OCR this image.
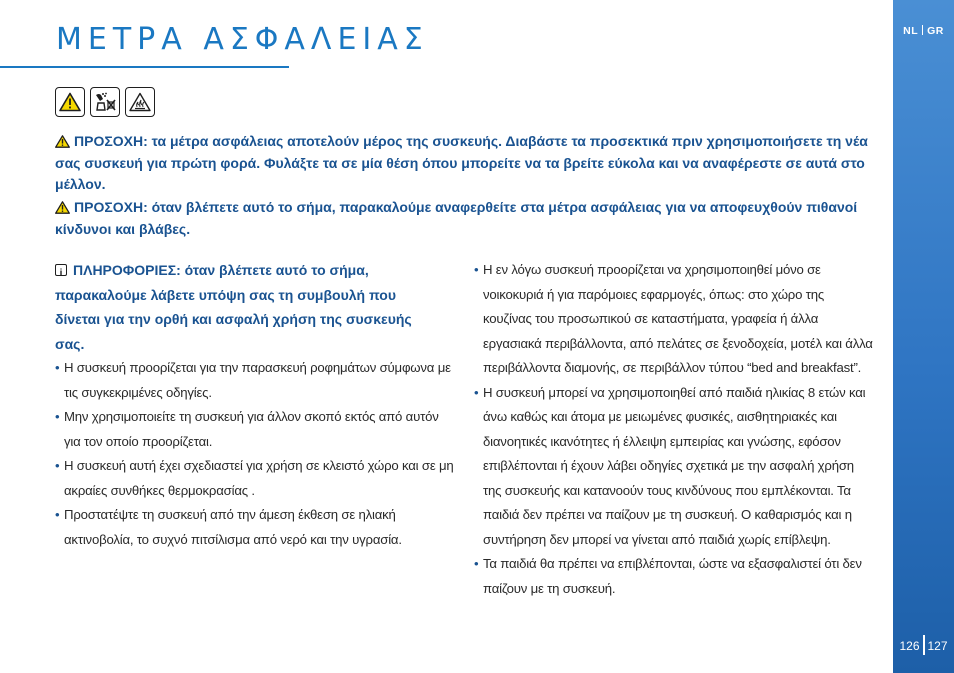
ΜΕΤΡΑ ΑΣΦΑΛΕΙΑΣ

ΠΡΟΣΟΧΗ: τα μέτρα ασφάλειας αποτελούν μέρος της συσκευής. Διαβάστε τα προσεκτικά πριν χρησιμοποιήσετε τη νέα σας συσκευή για πρώτη φορά. Φυλάξτε τα σε μία θέση όπου μπορείτε να τα βρείτε εύκολα και να αναφέρεστε σε αυτά στο μέλλον.

ΠΡΟΣΟΧΗ: όταν βλέπετε αυτό το σήμα, παρακαλούμε αναφερθείτε στα μέτρα ασφάλειας για να αποφευχθούν πιθανοί κίνδυνοι και βλάβες.

iΠΛΗΡΟΦΟΡΙΕΣ: όταν βλέπετε αυτό το σήμα, παρακαλούμε λάβετε υπόψη σας τη συμβουλή που δίνεται για την ορθή και ασφαλή χρήση της συσκευής σας.

• Η συσκευή προορίζεται για την παρασκευή ροφημάτων σύμφωνα με τις συγκεκριμένες οδηγίες.
• Μην χρησιμοποιείτε τη συσκευή για άλλον σκοπό εκτός από αυτόν για τον οποίο προορίζεται.
• Η συσκευή αυτή έχει σχεδιαστεί για χρήση σε κλειστό χώρο και σε μη ακραίες συνθήκες θερμοκρασίας .
• Προστατέψτε τη συσκευή από την άμεση έκθεση σε ηλιακή ακτινοβολία, το συχνό πιτσίλισμα από νερό και την υγρασία.
• Η εν λόγω συσκευή προορίζεται να χρησιμοποιηθεί μόνο σε νοικοκυριά ή για παρόμοιες εφαρμογές, όπως: στο χώρο της κουζίνας του προσωπικού σε καταστήματα, γραφεία ή άλλα εργασιακά περιβάλλοντα, από πελάτες σε ξενοδοχεία, μοτέλ και άλλα περιβάλλοντα διαμονής, σε περιβάλλον τύπου “bed and breakfast”.
• Η συσκευή μπορεί να χρησιμοποιηθεί από παιδιά ηλικίας 8 ετών και άνω καθώς και άτομα με μειωμένες φυσικές, αισθητηριακές και διανοητικές ικανότητες ή έλλειψη εμπειρίας και γνώσης, εφόσον επιβλέπονται ή έχουν λάβει οδηγίες σχετικά με την ασφαλή χρήση της συσκευής και κατανοούν τους κινδύνους που εμπλέκονται. Τα παιδιά δεν πρέπει να παίζουν με τη συσκευή. Ο καθαρισμός και η συντήρηση δεν μπορεί να γίνεται από παιδιά χωρίς επίβλεψη.
• Τα παιδιά θα πρέπει να επιβλέπονται, ώστε να εξασφαλιστεί ότι δεν παίζουν με τη συσκευή.
NL GR
126 127
